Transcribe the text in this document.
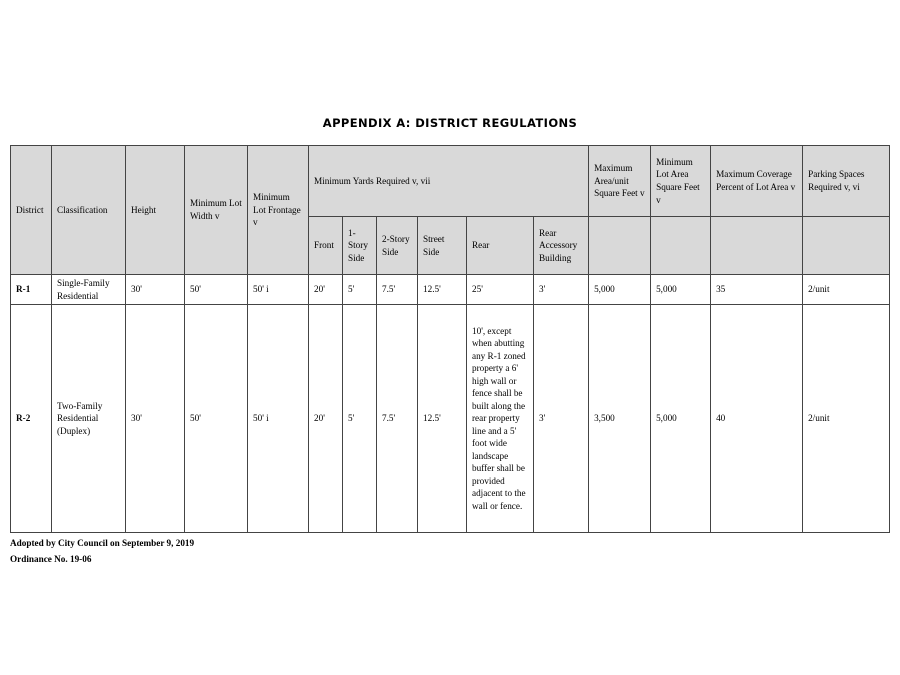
APPENDIX A: DISTRICT REGULATIONS
District	Classification	Height	Minimum Lot Width v	Minimum Lot Frontage v	Minimum Yards Required v, vii						Maximum Area/unit Square Feet v	Minimum Lot Area Square Feet v	Maximum Coverage Percent of Lot Area v	Parking Spaces Required v, vi
					Front	1-Story Side	2-Story Side	Street Side	Rear	Rear Accessory Building				
R-1	Single-Family Residential	30'	50'	50' i	20'	5'	7.5'	12.5'	25'	3'	5,000	5,000	35	2/unit
R-2	Two-Family Residential (Duplex)	30'	50'	50' i	20'	5'	7.5'	12.5'	10', except when abutting any R-1 zoned property a 6' high wall or fence shall be built along the rear property line and a 5' foot wide landscape buffer shall be provided adjacent to the wall or fence.	3'	3,500	5,000	40	2/unit
Adopted by City Council on September 9, 2019
Ordinance No. 19-06
